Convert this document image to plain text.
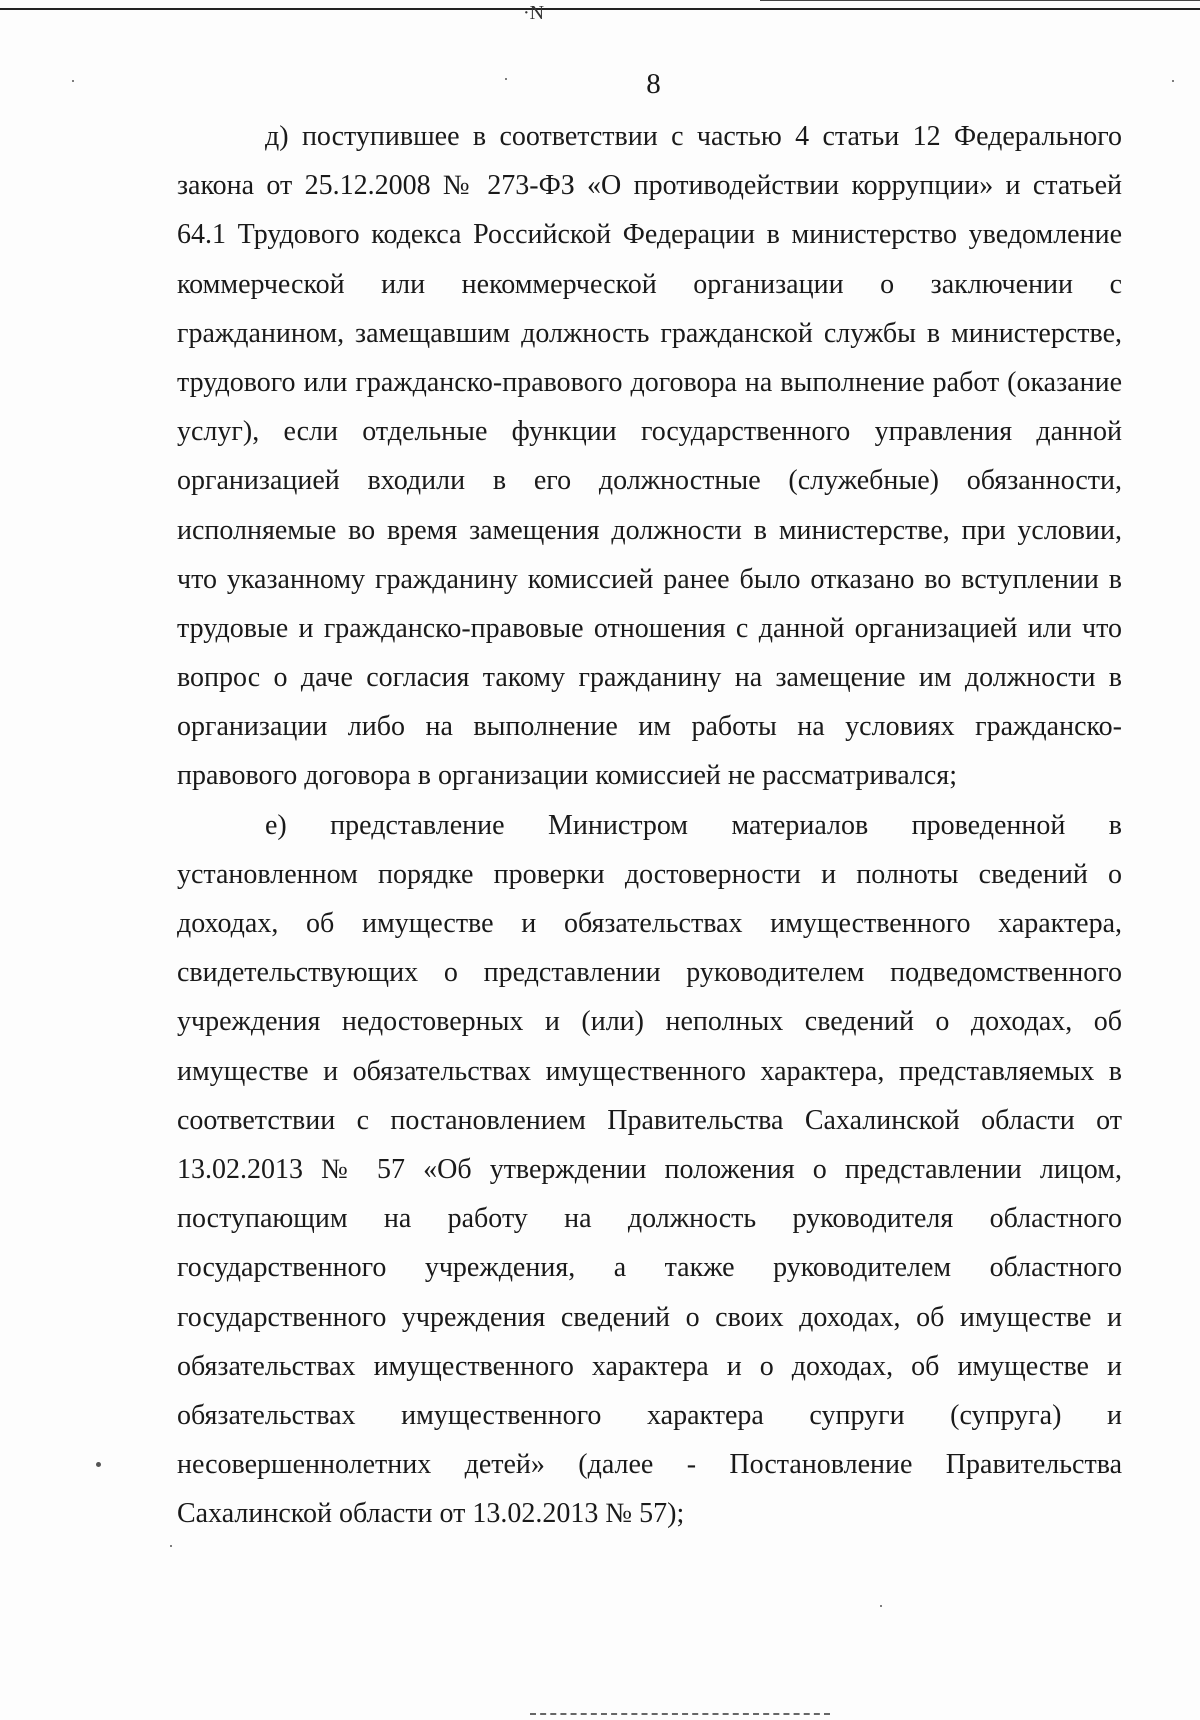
·N
8
д) поступившее в соответствии с частью 4 статьи 12 Федерального
закона от 25.12.2008 № 273-ФЗ «О противодействии коррупции» и статьей
64.1 Трудового кодекса Российской Федерации в министерство уведомление
коммерческой или некоммерческой организации о заключении с
гражданином, замещавшим должность гражданской службы в министерстве,
трудового или гражданско-правового договора на выполнение работ (оказание
услуг), если отдельные функции государственного управления данной
организацией входили в его должностные (служебные) обязанности,
исполняемые во время замещения должности в министерстве, при условии,
что указанному гражданину комиссией ранее было отказано во вступлении в
трудовые и гражданско-правовые отношения с данной организацией или что
вопрос о даче согласия такому гражданину на замещение им должности в
организации либо на выполнение им работы на условиях гражданско-
правового договора в организации комиссией не рассматривался;
е) представление Министром материалов проведенной в
установленном порядке проверки достоверности и полноты сведений о
доходах, об имуществе и обязательствах имущественного характера,
свидетельствующих о представлении руководителем подведомственного
учреждения недостоверных и (или) неполных сведений о доходах, об
имуществе и обязательствах имущественного характера, представляемых в
соответствии с постановлением Правительства Сахалинской области от
13.02.2013 № 57 «Об утверждении положения о представлении лицом,
поступающим на работу на должность руководителя областного
государственного учреждения, а также руководителем областного
государственного учреждения сведений о своих доходах, об имуществе и
обязательствах имущественного характера и о доходах, об имуществе и
обязательствах имущественного характера супруги (супруга) и
несовершеннолетних детей» (далее - Постановление Правительства
Сахалинской области от 13.02.2013 № 57);
